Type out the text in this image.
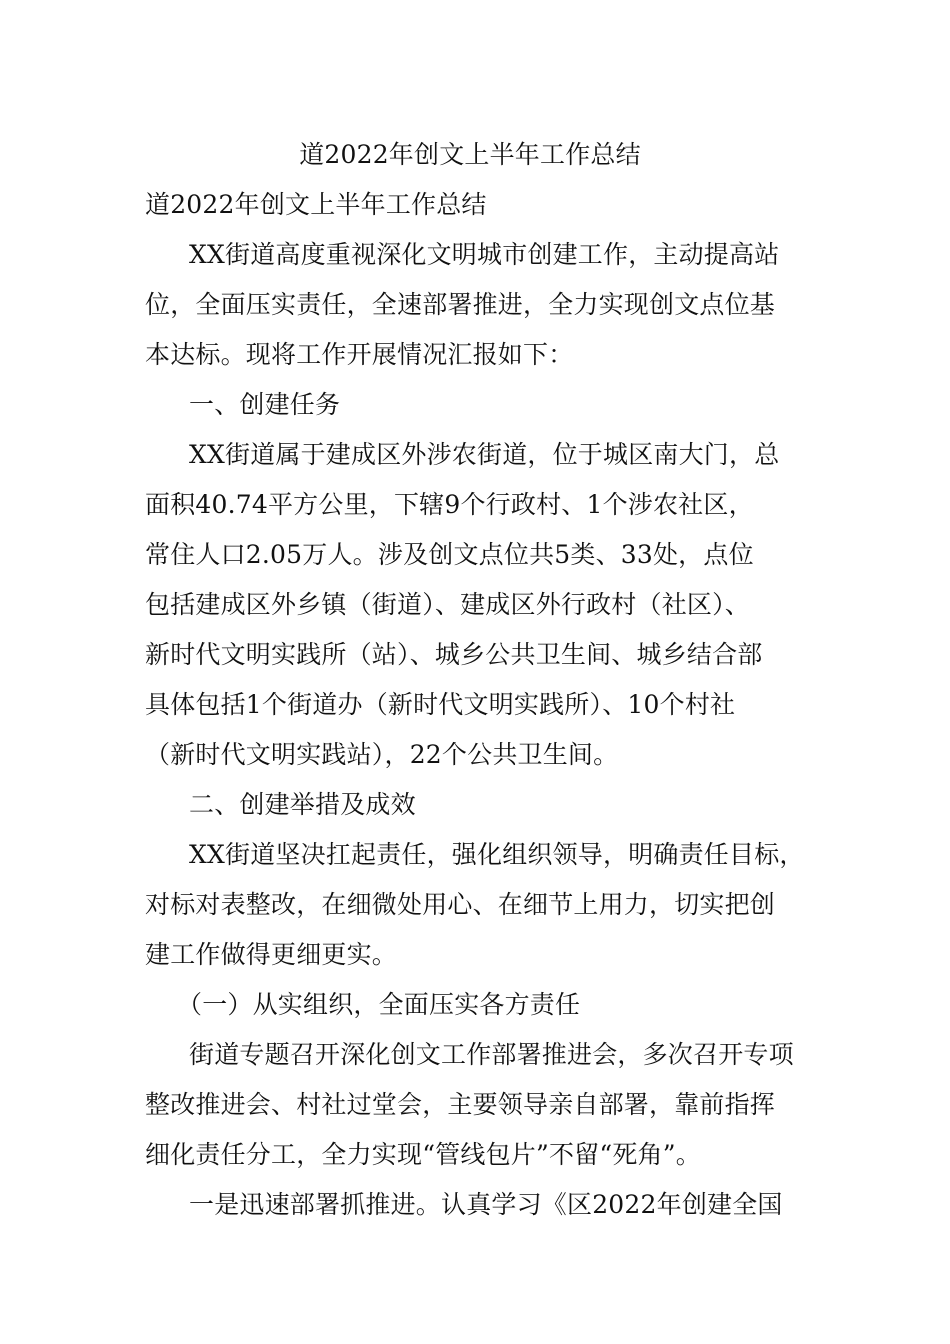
道2022年创文上半年工作总结
道2022年创文上半年工作总结
XX街道高度重视深化文明城市创建工作，主动提高站
位，全面压实责任，全速部署推进，全力实现创文点位基
本达标。现将工作开展情况汇报如下：
一、创建任务
XX街道属于建成区外涉农街道，位于城区南大门，总
面积40.74平方公里，下辖9个行政村、1个涉农社区，
常住人口2.05万人。涉及创文点位共5类、33处，点位
包括建成区外乡镇（街道）、建成区外行政村（社区）、
新时代文明实践所（站）、城乡公共卫生间、城乡结合部
具体包括1个街道办（新时代文明实践所）、10个村社
（新时代文明实践站），22个公共卫生间。
二、创建举措及成效
XX街道坚决扛起责任，强化组织领导，明确责任目标，
对标对表整改，在细微处用心、在细节上用力，切实把创
建工作做得更细更实。
（一）从实组织，全面压实各方责任
街道专题召开深化创文工作部署推进会，多次召开专项
整改推进会、村社过堂会，主要领导亲自部署，靠前指挥
细化责任分工，全力实现“管线包片”不留“死角”。
一是迅速部署抓推进。认真学习《区2022年创建全国
